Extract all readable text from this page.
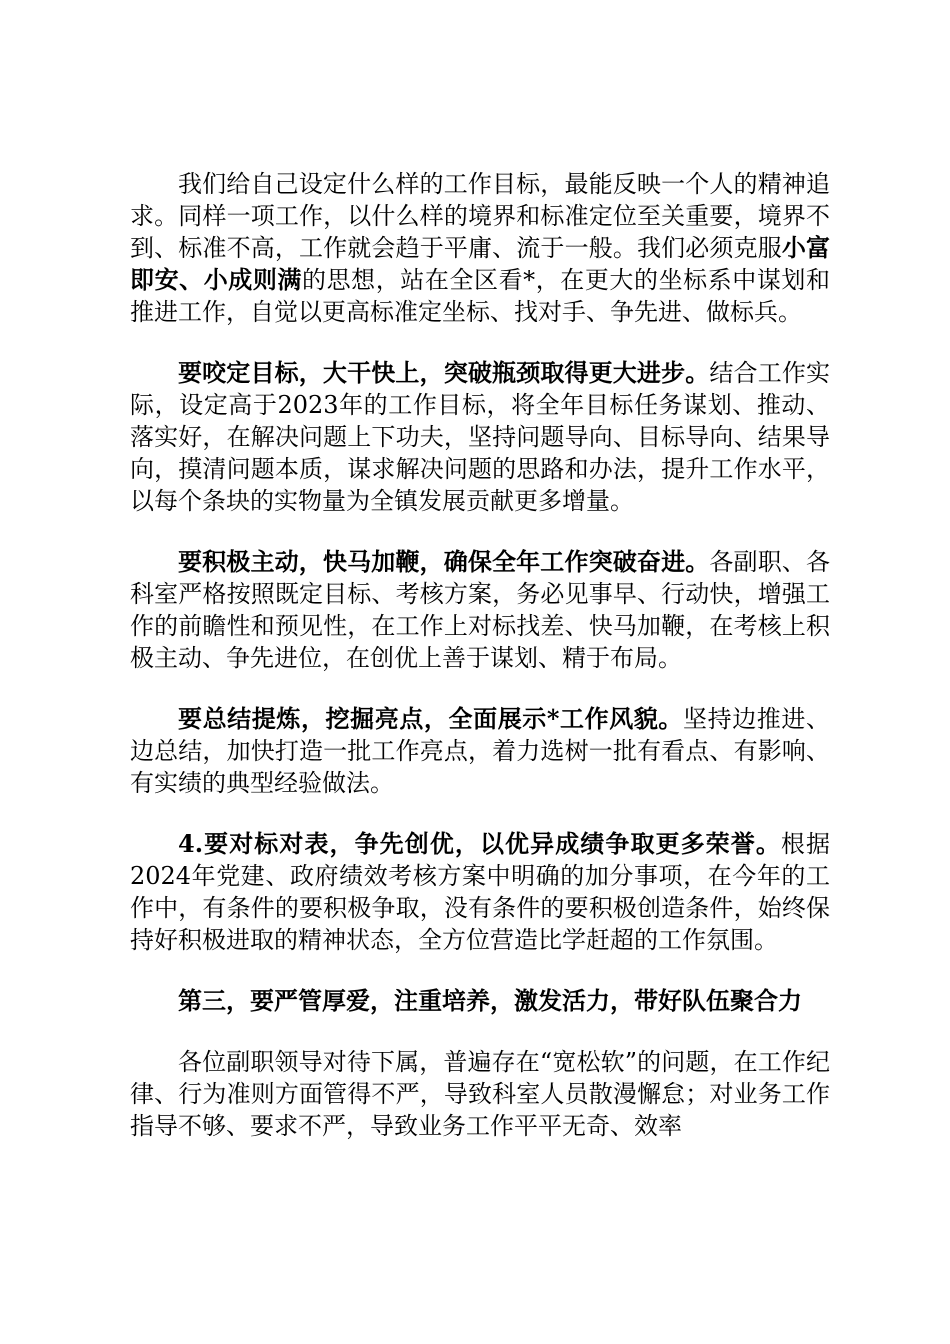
我们给自己设定什么样的工作目标，最能反映一个人的精神追求。同样一项工作，以什么样的境界和标准定位至关重要，境界不到、标准不高，工作就会趋于平庸、流于一般。我们必须克服小富即安、小成则满的思想，站在全区看*，在更大的坐标系中谋划和推进工作，自觉以更高标准定坐标、找对手、争先进、做标兵。

要咬定目标，大干快上，突破瓶颈取得更大进步。结合工作实际，设定高于2023年的工作目标，将全年目标任务谋划、推动、落实好，在解决问题上下功夫，坚持问题导向、目标导向、结果导向，摸清问题本质，谋求解决问题的思路和办法，提升工作水平，以每个条块的实物量为全镇发展贡献更多增量。

要积极主动，快马加鞭，确保全年工作突破奋进。各副职、各科室严格按照既定目标、考核方案，务必见事早、行动快，增强工作的前瞻性和预见性，在工作上对标找差、快马加鞭，在考核上积极主动、争先进位，在创优上善于谋划、精于布局。

要总结提炼，挖掘亮点，全面展示*工作风貌。坚持边推进、边总结，加快打造一批工作亮点，着力选树一批有看点、有影响、有实绩的典型经验做法。

4.要对标对表，争先创优，以优异成绩争取更多荣誉。根据2024年党建、政府绩效考核方案中明确的加分事项，在今年的工作中，有条件的要积极争取，没有条件的要积极创造条件，始终保持好积极进取的精神状态，全方位营造比学赶超的工作氛围。

第三，要严管厚爱，注重培养，激发活力，带好队伍聚合力

各位副职领导对待下属，普遍存在“宽松软”的问题，在工作纪律、行为准则方面管得不严，导致科室人员散漫懈怠；对业务工作指导不够、要求不严，导致业务工作平平无奇、效率
